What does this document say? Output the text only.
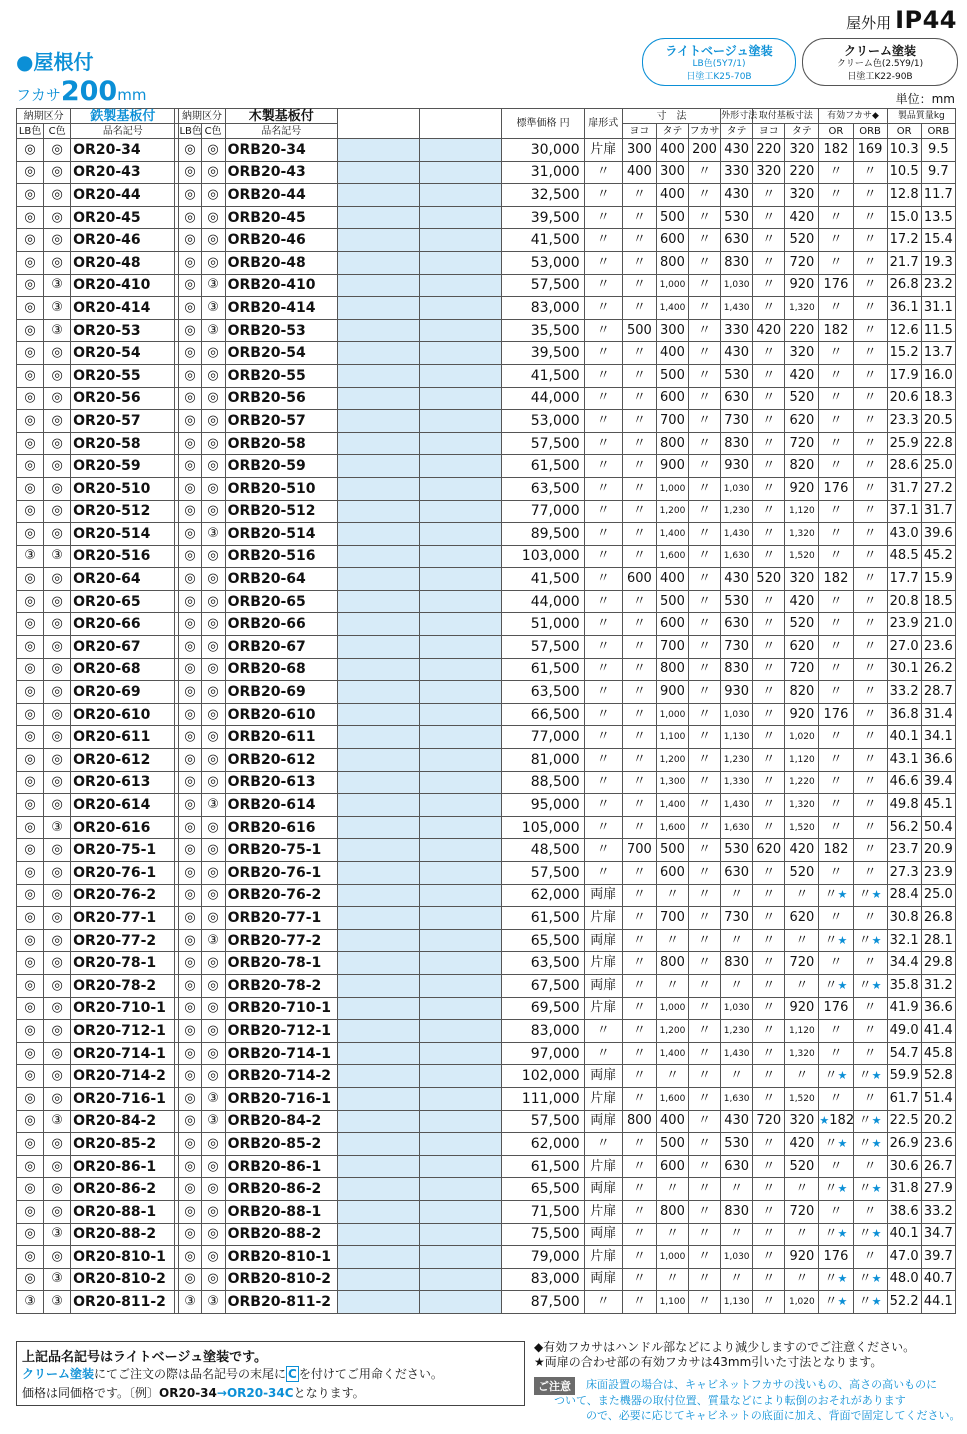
屋外用 IP44
●屋根付
フカサ200mm
ライトベージュ塗装
LB色(5Y7/1)
日塗工K25-70B
クリーム塗装
クリーム色(2.5Y9/1)
日塗工K22-90B
単位：mm
納期区分		鉄製基板付		納期区分		木製基板付			標準価格 円	扉形式	寸　法			外形寸法	取付基板寸法		有効フカサ◆		製品質量kg	
LB色	C色	品名記号		LB色	C色	品名記号					ヨコ	タテ	フカサ	タテ	ヨコ	タテ	OR	ORB	OR	ORB
◎	◎	OR20-34		◎	◎	ORB20-34			30,000	片扉	300	400	200	430	220	320	182	169	10.3	9.5
◎	◎	OR20-43		◎	◎	ORB20-43			31,000	〃	400	300	〃	330	320	220	〃	〃	10.5	9.7
◎	◎	OR20-44		◎	◎	ORB20-44			32,500	〃	〃	400	〃	430	〃	320	〃	〃	12.8	11.7
◎	◎	OR20-45		◎	◎	ORB20-45			39,500	〃	〃	500	〃	530	〃	420	〃	〃	15.0	13.5
◎	◎	OR20-46		◎	◎	ORB20-46			41,500	〃	〃	600	〃	630	〃	520	〃	〃	17.2	15.4
◎	◎	OR20-48		◎	◎	ORB20-48			53,000	〃	〃	800	〃	830	〃	720	〃	〃	21.7	19.3
◎	③	OR20-410		◎	③	ORB20-410			57,500	〃	〃	1,000	〃	1,030	〃	920	176	〃	26.8	23.2
◎	③	OR20-414		◎	③	ORB20-414			83,000	〃	〃	1,400	〃	1,430	〃	1,320	〃	〃	36.1	31.1
◎	③	OR20-53		◎	③	ORB20-53			35,500	〃	500	300	〃	330	420	220	182	〃	12.6	11.5
◎	◎	OR20-54		◎	◎	ORB20-54			39,500	〃	〃	400	〃	430	〃	320	〃	〃	15.2	13.7
◎	◎	OR20-55		◎	◎	ORB20-55			41,500	〃	〃	500	〃	530	〃	420	〃	〃	17.9	16.0
◎	◎	OR20-56		◎	◎	ORB20-56			44,000	〃	〃	600	〃	630	〃	520	〃	〃	20.6	18.3
◎	◎	OR20-57		◎	◎	ORB20-57			53,000	〃	〃	700	〃	730	〃	620	〃	〃	23.3	20.5
◎	◎	OR20-58		◎	◎	ORB20-58			57,500	〃	〃	800	〃	830	〃	720	〃	〃	25.9	22.8
◎	◎	OR20-59		◎	◎	ORB20-59			61,500	〃	〃	900	〃	930	〃	820	〃	〃	28.6	25.0
◎	◎	OR20-510		◎	◎	ORB20-510			63,500	〃	〃	1,000	〃	1,030	〃	920	176	〃	31.7	27.2
◎	◎	OR20-512		◎	◎	ORB20-512			77,000	〃	〃	1,200	〃	1,230	〃	1,120	〃	〃	37.1	31.7
◎	◎	OR20-514		◎	③	ORB20-514			89,500	〃	〃	1,400	〃	1,430	〃	1,320	〃	〃	43.0	39.6
③	③	OR20-516		◎	◎	ORB20-516			103,000	〃	〃	1,600	〃	1,630	〃	1,520	〃	〃	48.5	45.2
◎	◎	OR20-64		◎	◎	ORB20-64			41,500	〃	600	400	〃	430	520	320	182	〃	17.7	15.9
◎	◎	OR20-65		◎	◎	ORB20-65			44,000	〃	〃	500	〃	530	〃	420	〃	〃	20.8	18.5
◎	◎	OR20-66		◎	◎	ORB20-66			51,000	〃	〃	600	〃	630	〃	520	〃	〃	23.9	21.0
◎	◎	OR20-67		◎	◎	ORB20-67			57,500	〃	〃	700	〃	730	〃	620	〃	〃	27.0	23.6
◎	◎	OR20-68		◎	◎	ORB20-68			61,500	〃	〃	800	〃	830	〃	720	〃	〃	30.1	26.2
◎	◎	OR20-69		◎	◎	ORB20-69			63,500	〃	〃	900	〃	930	〃	820	〃	〃	33.2	28.7
◎	◎	OR20-610		◎	◎	ORB20-610			66,500	〃	〃	1,000	〃	1,030	〃	920	176	〃	36.8	31.4
◎	◎	OR20-611		◎	◎	ORB20-611			77,000	〃	〃	1,100	〃	1,130	〃	1,020	〃	〃	40.1	34.1
◎	◎	OR20-612		◎	◎	ORB20-612			81,000	〃	〃	1,200	〃	1,230	〃	1,120	〃	〃	43.1	36.6
◎	◎	OR20-613		◎	◎	ORB20-613			88,500	〃	〃	1,300	〃	1,330	〃	1,220	〃	〃	46.6	39.4
◎	◎	OR20-614		◎	③	ORB20-614			95,000	〃	〃	1,400	〃	1,430	〃	1,320	〃	〃	49.8	45.1
◎	③	OR20-616		◎	◎	ORB20-616			105,000	〃	〃	1,600	〃	1,630	〃	1,520	〃	〃	56.2	50.4
◎	◎	OR20-75-1		◎	◎	ORB20-75-1			48,500	〃	700	500	〃	530	620	420	182	〃	23.7	20.9
◎	◎	OR20-76-1		◎	◎	ORB20-76-1			57,500	〃	〃	600	〃	630	〃	520	〃	〃	27.3	23.9
◎	◎	OR20-76-2		◎	◎	ORB20-76-2			62,000	両扉	〃	〃	〃	〃	〃	〃	〃★	〃★	28.4	25.0
◎	◎	OR20-77-1		◎	◎	ORB20-77-1			61,500	片扉	〃	700	〃	730	〃	620	〃	〃	30.8	26.8
◎	◎	OR20-77-2		◎	③	ORB20-77-2			65,500	両扉	〃	〃	〃	〃	〃	〃	〃★	〃★	32.1	28.1
◎	◎	OR20-78-1		◎	◎	ORB20-78-1			63,500	片扉	〃	800	〃	830	〃	720	〃	〃	34.4	29.8
◎	◎	OR20-78-2		◎	◎	ORB20-78-2			67,500	両扉	〃	〃	〃	〃	〃	〃	〃★	〃★	35.8	31.2
◎	◎	OR20-710-1		◎	◎	ORB20-710-1			69,500	片扉	〃	1,000	〃	1,030	〃	920	176	〃	41.9	36.6
◎	◎	OR20-712-1		◎	◎	ORB20-712-1			83,000	〃	〃	1,200	〃	1,230	〃	1,120	〃	〃	49.0	41.4
◎	◎	OR20-714-1		◎	◎	ORB20-714-1			97,000	〃	〃	1,400	〃	1,430	〃	1,320	〃	〃	54.7	45.8
◎	◎	OR20-714-2		◎	◎	ORB20-714-2			102,000	両扉	〃	〃	〃	〃	〃	〃	〃★	〃★	59.9	52.8
◎	◎	OR20-716-1		◎	③	ORB20-716-1			111,000	片扉	〃	1,600	〃	1,630	〃	1,520	〃	〃	61.7	51.4
◎	③	OR20-84-2		◎	③	ORB20-84-2			57,500	両扉	800	400	〃	430	720	320	★182	〃★	22.5	20.2
◎	◎	OR20-85-2		◎	◎	ORB20-85-2			62,000	〃	〃	500	〃	530	〃	420	〃★	〃★	26.9	23.6
◎	◎	OR20-86-1		◎	◎	ORB20-86-1			61,500	片扉	〃	600	〃	630	〃	520	〃	〃	30.6	26.7
◎	◎	OR20-86-2		◎	◎	ORB20-86-2			65,500	両扉	〃	〃	〃	〃	〃	〃	〃★	〃★	31.8	27.9
◎	◎	OR20-88-1		◎	◎	ORB20-88-1			71,500	片扉	〃	800	〃	830	〃	720	〃	〃	38.6	33.2
◎	③	OR20-88-2		◎	◎	ORB20-88-2			75,500	両扉	〃	〃	〃	〃	〃	〃	〃★	〃★	40.1	34.7
◎	◎	OR20-810-1		◎	◎	ORB20-810-1			79,000	片扉	〃	1,000	〃	1,030	〃	920	176	〃	47.0	39.7
◎	③	OR20-810-2		◎	◎	ORB20-810-2			83,000	両扉	〃	〃	〃	〃	〃	〃	〃★	〃★	48.0	40.7
③	③	OR20-811-2		③	③	ORB20-811-2			87,500	〃	〃	1,100	〃	1,130	〃	1,020	〃★	〃★	52.2	44.1
上記品名記号はライトベージュ塗装です。
クリーム塗装にてご注文の際は品名記号の末尾に C を付けてご用命ください。
価格は同価格です。〔例〕OR20-34→OR20-34Cとなります。
◆有効フカサはハンドル部などにより減少しますのでご注意ください。
★両扉の合わせ部の有効フカサは43mm引いた寸法となります。
ご注意	床面設置の場合は、キャビネットフカサの浅いもの、高さの高いものに
ついて、また機器の取付位置、質量などにより転倒のおそれがあります
ので、必要に応じてキャビネットの底面に加え、背面で固定してください。
